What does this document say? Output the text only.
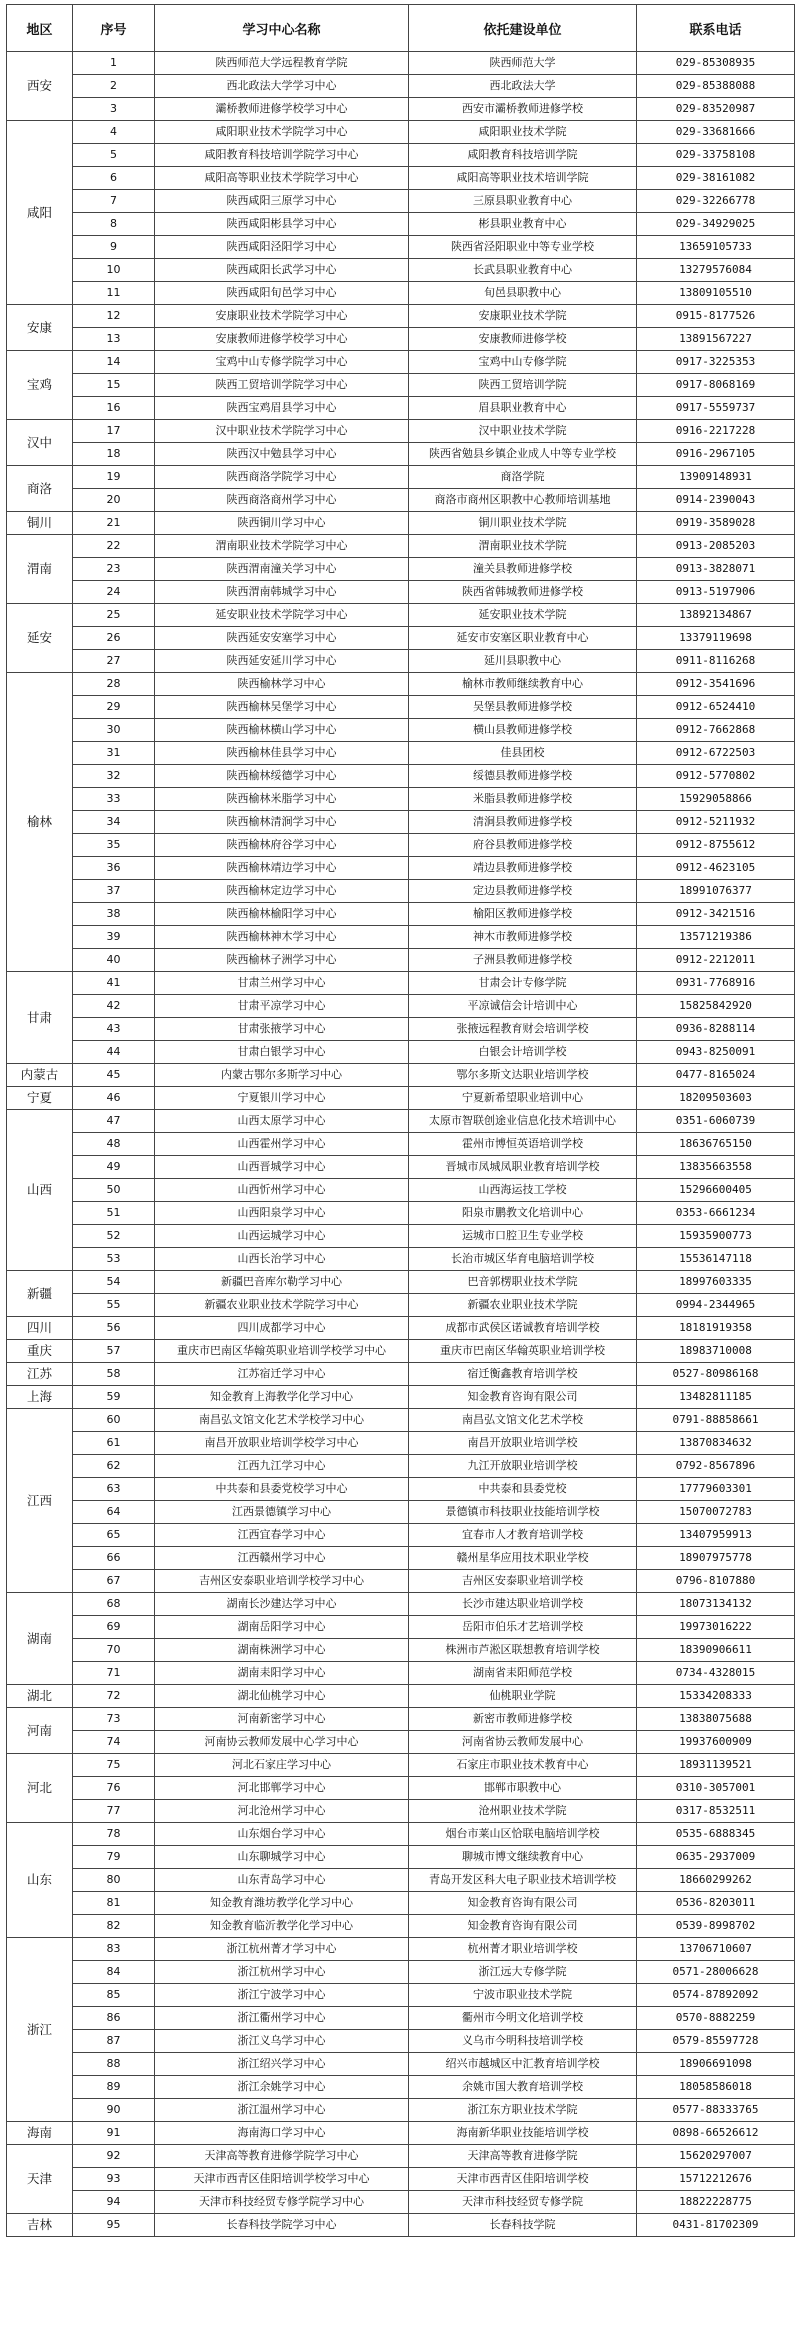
地区	序号	学习中心名称	依托建设单位	联系电话
西安	1	陕西师范大学远程教育学院	陕西师范大学	029-85308935
	2	西北政法大学学习中心	西北政法大学	029-85388088
	3	灞桥教师进修学校学习中心	西安市灞桥教师进修学校	029-83520987
咸阳	4	咸阳职业技术学院学习中心	咸阳职业技术学院	029-33681666
	5	咸阳教育科技培训学院学习中心	咸阳教育科技培训学院	029-33758108
	6	咸阳高等职业技术学院学习中心	咸阳高等职业技术培训学院	029-38161082
	7	陕西咸阳三原学习中心	三原县职业教育中心	029-32266778
	8	陕西咸阳彬县学习中心	彬县职业教育中心	029-34929025
	9	陕西咸阳泾阳学习中心	陕西省泾阳职业中等专业学校	13659105733
	10	陕西咸阳长武学习中心	长武县职业教育中心	13279576084
	11	陕西咸阳旬邑学习中心	旬邑县职教中心	13809105510
安康	12	安康职业技术学院学习中心	安康职业技术学院	0915-8177526
	13	安康教师进修学校学习中心	安康教师进修学校	13891567227
宝鸡	14	宝鸡中山专修学院学习中心	宝鸡中山专修学院	0917-3225353
	15	陕西工贸培训学院学习中心	陕西工贸培训学院	0917-8068169
	16	陕西宝鸡眉县学习中心	眉县职业教育中心	0917-5559737
汉中	17	汉中职业技术学院学习中心	汉中职业技术学院	0916-2217228
	18	陕西汉中勉县学习中心	陕西省勉县乡镇企业成人中等专业学校	0916-2967105
商洛	19	陕西商洛学院学习中心	商洛学院	13909148931
	20	陕西商洛商州学习中心	商洛市商州区职教中心教师培训基地	0914-2390043
铜川	21	陕西铜川学习中心	铜川职业技术学院	0919-3589028
渭南	22	渭南职业技术学院学习中心	渭南职业技术学院	0913-2085203
	23	陕西渭南潼关学习中心	潼关县教师进修学校	0913-3828071
	24	陕西渭南韩城学习中心	陕西省韩城教师进修学校	0913-5197906
延安	25	延安职业技术学院学习中心	延安职业技术学院	13892134867
	26	陕西延安安塞学习中心	延安市安塞区职业教育中心	13379119698
	27	陕西延安延川学习中心	延川县职教中心	0911-8116268
榆林	28	陕西榆林学习中心	榆林市教师继续教育中心	0912-3541696
	29	陕西榆林吴堡学习中心	吴堡县教师进修学校	0912-6524410
	30	陕西榆林横山学习中心	横山县教师进修学校	0912-7662868
	31	陕西榆林佳县学习中心	佳县团校	0912-6722503
	32	陕西榆林绥德学习中心	绥德县教师进修学校	0912-5770802
	33	陕西榆林米脂学习中心	米脂县教师进修学校	15929058866
	34	陕西榆林清涧学习中心	清涧县教师进修学校	0912-5211932
	35	陕西榆林府谷学习中心	府谷县教师进修学校	0912-8755612
	36	陕西榆林靖边学习中心	靖边县教师进修学校	0912-4623105
	37	陕西榆林定边学习中心	定边县教师进修学校	18991076377
	38	陕西榆林榆阳学习中心	榆阳区教师进修学校	0912-3421516
	39	陕西榆林神木学习中心	神木市教师进修学校	13571219386
	40	陕西榆林子洲学习中心	子洲县教师进修学校	0912-2212011
甘肃	41	甘肃兰州学习中心	甘肃会计专修学院	0931-7768916
	42	甘肃平凉学习中心	平凉诚信会计培训中心	15825842920
	43	甘肃张掖学习中心	张掖远程教育财会培训学校	0936-8288114
	44	甘肃白银学习中心	白银会计培训学校	0943-8250091
内蒙古	45	内蒙古鄂尔多斯学习中心	鄂尔多斯文达职业培训学校	0477-8165024
宁夏	46	宁夏银川学习中心	宁夏新希望职业培训中心	18209503603
山西	47	山西太原学习中心	太原市智联创途业信息化技术培训中心	0351-6060739
	48	山西霍州学习中心	霍州市博恒英语培训学校	18636765150
	49	山西晋城学习中心	晋城市凤城凤职业教育培训学校	13835663558
	50	山西忻州学习中心	山西海运技工学校	15296600405
	51	山西阳泉学习中心	阳泉市鹏教文化培训中心	0353-6661234
	52	山西运城学习中心	运城市口腔卫生专业学校	15935900773
	53	山西长治学习中心	长治市城区华育电脑培训学校	15536147118
新疆	54	新疆巴音库尔勒学习中心	巴音郭楞职业技术学院	18997603335
	55	新疆农业职业技术学院学习中心	新疆农业职业技术学院	0994-2344965
四川	56	四川成都学习中心	成都市武侯区诺诚教育培训学校	18181919358
重庆	57	重庆市巴南区华翰英职业培训学校学习中心	重庆市巴南区华翰英职业培训学校	18983710008
江苏	58	江苏宿迁学习中心	宿迁衡鑫教育培训学校	0527-80986168
上海	59	知金教育上海教学化学习中心	知金教育咨询有限公司	13482811185
江西	60	南昌弘文馆文化艺术学校学习中心	南昌弘文馆文化艺术学校	0791-88858661
	61	南昌开放职业培训学校学习中心	南昌开放职业培训学校	13870834632
	62	江西九江学习中心	九江开放职业培训学校	0792-8567896
	63	中共泰和县委党校学习中心	中共泰和县委党校	17779603301
	64	江西景德镇学习中心	景德镇市科技职业技能培训学校	15070072783
	65	江西宜春学习中心	宜春市人才教育培训学校	13407959913
	66	江西赣州学习中心	赣州星华应用技术职业学校	18907975778
	67	吉州区安泰职业培训学校学习中心	吉州区安泰职业培训学校	0796-8107880
湖南	68	湖南长沙建达学习中心	长沙市建达职业培训学校	18073134132
	69	湖南岳阳学习中心	岳阳市伯乐才艺培训学校	19973016222
	70	湖南株洲学习中心	株洲市芦淞区联想教育培训学校	18390906611
	71	湖南耒阳学习中心	湖南省耒阳师范学校	0734-4328015
湖北	72	湖北仙桃学习中心	仙桃职业学院	15334208333
河南	73	河南新密学习中心	新密市教师进修学校	13838075688
	74	河南协云教师发展中心学习中心	河南省协云教师发展中心	19937600909
河北	75	河北石家庄学习中心	石家庄市职业技术教育中心	18931139521
	76	河北邯郸学习中心	邯郸市职教中心	0310-3057001
	77	河北沧州学习中心	沧州职业技术学院	0317-8532511
山东	78	山东烟台学习中心	烟台市莱山区恰联电脑培训学校	0535-6888345
	79	山东聊城学习中心	聊城市博文继续教育中心	0635-2937009
	80	山东青岛学习中心	青岛开发区科大电子职业技术培训学校	18660299262
	81	知金教育潍坊教学化学习中心	知金教育咨询有限公司	0536-8203011
	82	知金教育临沂教学化学习中心	知金教育咨询有限公司	0539-8998702
浙江	83	浙江杭州菁才学习中心	杭州菁才职业培训学校	13706710607
	84	浙江杭州学习中心	浙江远大专修学院	0571-28006628
	85	浙江宁波学习中心	宁波市职业技术学院	0574-87892092
	86	浙江衢州学习中心	衢州市今明文化培训学校	0570-8882259
	87	浙江义乌学习中心	义乌市今明科技培训学校	0579-85597728
	88	浙江绍兴学习中心	绍兴市越城区中汇教育培训学校	18906691098
	89	浙江余姚学习中心	余姚市国大教育培训学校	18058586018
	90	浙江温州学习中心	浙江东方职业技术学院	0577-88333765
海南	91	海南海口学习中心	海南新华职业技能培训学校	0898-66526612
天津	92	天津高等教育进修学院学习中心	天津高等教育进修学院	15620297007
	93	天津市西青区佳阳培训学校学习中心	天津市西青区佳阳培训学校	15712212676
	94	天津市科技经贸专修学院学习中心	天津市科技经贸专修学院	18822228775
吉林	95	长春科技学院学习中心	长春科技学院	0431-81702309
